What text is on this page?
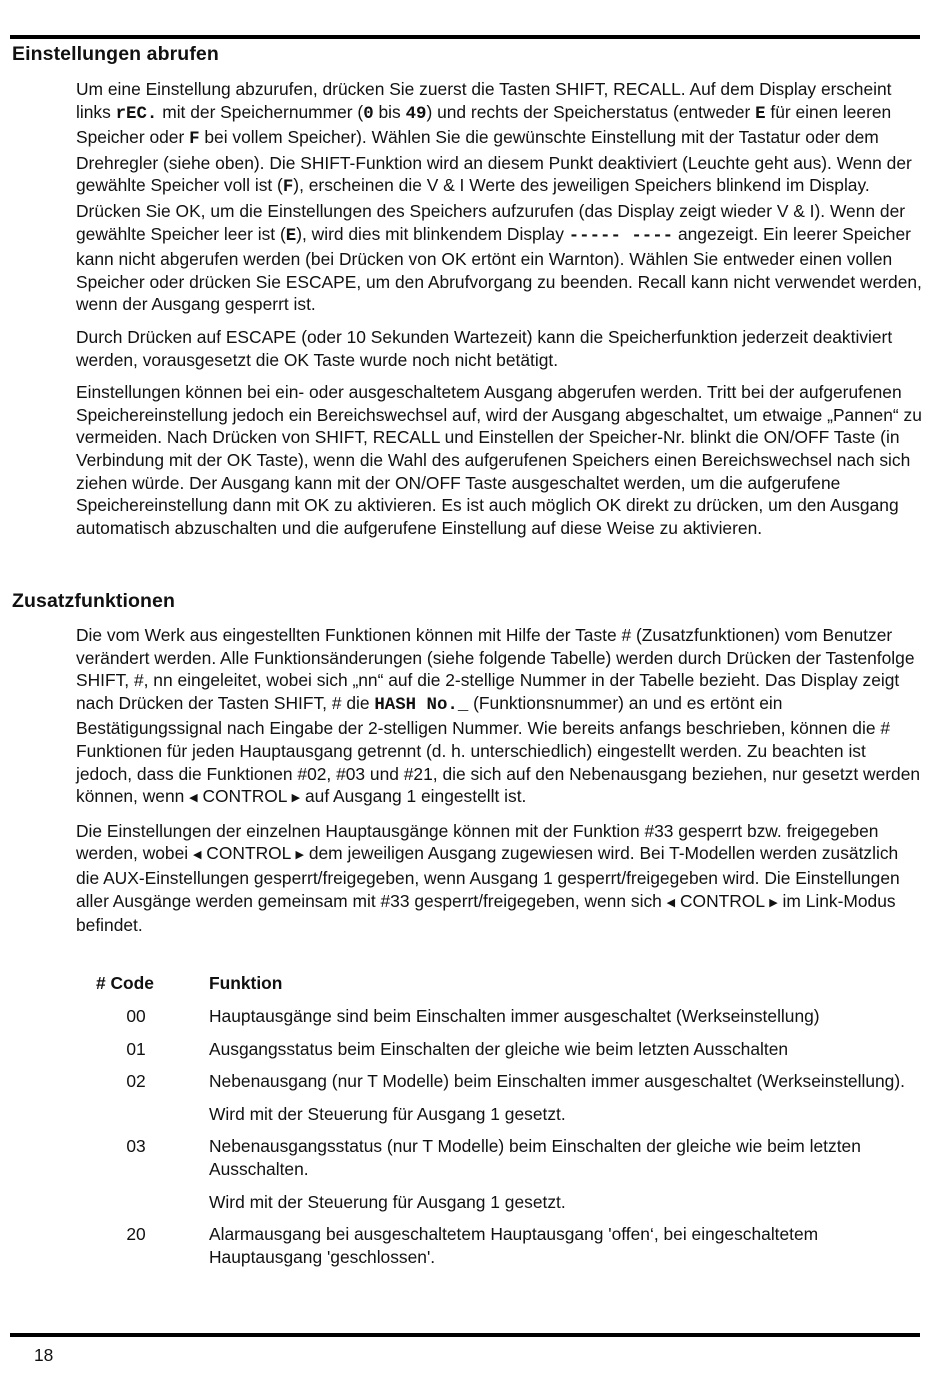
Einstellungen abrufen

Um eine Einstellung abzurufen, drücken Sie zuerst die Tasten SHIFT, RECALL. Auf dem Display erscheint links rEC. mit der Speichernummer (0 bis 49) und rechts der Speicherstatus (entweder E für einen leeren Speicher oder F bei vollem Speicher). Wählen Sie die gewünschte Einstellung mit der Tastatur oder dem Drehregler (siehe oben). Die SHIFT-Funktion wird an diesem Punkt deaktiviert (Leuchte geht aus). Wenn der gewählte Speicher voll ist (F), erscheinen die V & I Werte des jeweiligen Speichers blinkend im Display. Drücken Sie OK, um die Einstellungen des Speichers aufzurufen (das Display zeigt wieder V & I). Wenn der gewählte Speicher leer ist (E), wird dies mit blinkendem Display ----- ---- angezeigt. Ein leerer Speicher kann nicht abgerufen werden (bei Drücken von OK ertönt ein Warnton). Wählen Sie entweder einen vollen Speicher oder drücken Sie ESCAPE, um den Abrufvorgang zu beenden. Recall kann nicht verwendet werden, wenn der Ausgang gesperrt ist.

Durch Drücken auf ESCAPE (oder 10 Sekunden Wartezeit) kann die Speicherfunktion jederzeit deaktiviert werden, vorausgesetzt die OK Taste wurde noch nicht betätigt.

Einstellungen können bei ein- oder ausgeschaltetem Ausgang abgerufen werden. Tritt bei der aufgerufenen Speichereinstellung jedoch ein Bereichswechsel auf, wird der Ausgang abgeschaltet, um etwaige „Pannen“ zu vermeiden. Nach Drücken von SHIFT, RECALL und Einstellen der Speicher-Nr. blinkt die ON/OFF Taste (in Verbindung mit der OK Taste), wenn die Wahl des aufgerufenen Speichers einen Bereichswechsel nach sich ziehen würde. Der Ausgang kann mit der ON/OFF Taste ausgeschaltet werden, um die aufgerufene Speichereinstellung dann mit OK zu aktivieren. Es ist auch möglich OK direkt zu drücken, um den Ausgang automatisch abzuschalten und die aufgerufene Einstellung auf diese Weise zu aktivieren.

Zusatzfunktionen

Die vom Werk aus eingestellten Funktionen können mit Hilfe der Taste # (Zusatzfunktionen) vom Benutzer verändert werden. Alle Funktionsänderungen (siehe folgende Tabelle) werden durch Drücken der Tastenfolge SHIFT, #, nn eingeleitet, wobei sich „nn“ auf die 2-stellige Nummer in der Tabelle bezieht. Das Display zeigt nach Drücken der Tasten SHIFT, # die HASH No._ (Funktionsnummer) an und es ertönt ein Bestätigungssignal nach Eingabe der 2-stelligen Nummer. Wie bereits anfangs beschrieben, können die # Funktionen für jeden Hauptausgang getrennt (d. h. unterschiedlich) eingestellt werden. Zu beachten ist jedoch, dass die Funktionen #02, #03 und #21, die sich auf den Nebenausgang beziehen, nur gesetzt werden können, wenn ◀ CONTROL ▶ auf Ausgang 1 eingestellt ist.

Die Einstellungen der einzelnen Hauptausgänge können mit der Funktion #33 gesperrt bzw. freigegeben werden, wobei ◀ CONTROL ▶ dem jeweiligen Ausgang zugewiesen wird. Bei T-Modellen werden zusätzlich die AUX-Einstellungen gesperrt/freigegeben, wenn Ausgang 1 gesperrt/freigegeben wird. Die Einstellungen aller Ausgänge werden gemeinsam mit #33 gesperrt/freigegeben, wenn sich ◀ CONTROL ▶ im Link-Modus befindet.

# Code	Funktion
00	Hauptausgänge sind beim Einschalten immer ausgeschaltet (Werkseinstellung)
01	Ausgangsstatus beim Einschalten der gleiche wie beim letzten Ausschalten
02	Nebenausgang (nur T Modelle) beim Einschalten immer ausgeschaltet (Werkseinstellung).
	Wird mit der Steuerung für Ausgang 1 gesetzt.
03	Nebenausgangsstatus (nur T Modelle) beim Einschalten der gleiche wie beim letzten Ausschalten.
	Wird mit der Steuerung für Ausgang 1 gesetzt.
20	Alarmausgang bei ausgeschaltetem Hauptausgang 'offen‘, bei eingeschaltetem Hauptausgang 'geschlossen'.
18
